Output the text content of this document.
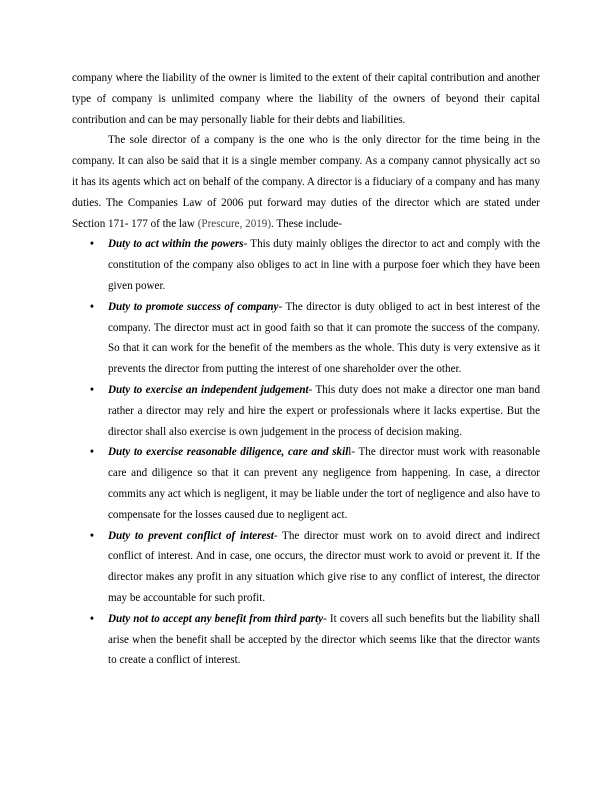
company where the liability of the owner is limited to the extent of their capital contribution and another type of company is unlimited company where the liability of the owners of beyond their capital contribution and can be may personally liable for their debts and liabilities.

The sole director of a company is the one who is the only director for the time being in the company. It can also be said that it is a single member company. As a company cannot physically act so it has its agents which act on behalf of the company. A director is a fiduciary of a company and has many duties. The Companies Law of 2006 put forward may duties of the director which are stated under Section 171- 177 of the law (Prescure, 2019). These include-

• Duty to act within the powers- This duty mainly obliges the director to act and comply with the constitution of the company also obliges to act in line with a purpose foer which they have been given power.
• Duty to promote success of company- The director is duty obliged to act in best interest of the company. The director must act in good faith so that it can promote the success of the company. So that it can work for the benefit of the members as the whole. This duty is very extensive as it prevents the director from putting the interest of one shareholder over the other.
• Duty to exercise an independent judgement- This duty does not make a director one man band rather a director may rely and hire the expert or professionals where it lacks expertise. But the director shall also exercise is own judgement in the process of decision making.
• Duty to exercise reasonable diligence, care and skill- The director must work with reasonable care and diligence so that it can prevent any negligence from happening. In case, a director commits any act which is negligent, it may be liable under the tort of negligence and also have to compensate for the losses caused due to negligent act.
• Duty to prevent conflict of interest- The director must work on to avoid direct and indirect conflict of interest. And in case, one occurs, the director must work to avoid or prevent it. If the director makes any profit in any situation which give rise to any conflict of interest, the director may be accountable for such profit.
• Duty not to accept any benefit from third party- It covers all such benefits but the liability shall arise when the benefit shall be accepted by the director which seems like that the director wants to create a conflict of interest.
